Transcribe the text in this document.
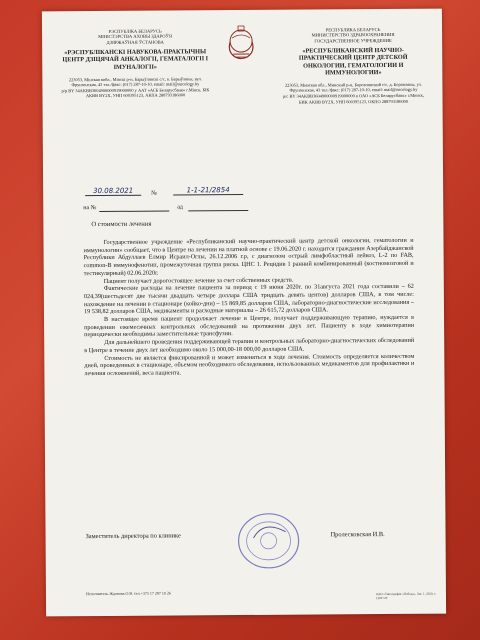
РЭСПУБЛІКА БЕЛАРУСЬ
МІНІСТЭРСТВА АХОВЫ ЗДАРОЎЯ
ДЗЯРЖАЎНАЯ ЎСТАНОВА
«РЭСПУБЛІКАНСКІ НАВУКОВА-ПРАКТЫЧНЫ ЦЕНТР ДЗІЦЯЧАЙ АНКАЛОГІІ, ГЕМАТАЛОГІІ І ІМУНАЛОГІІ»
223053, Мінская вобл., Мінскі р-н, Барыўлянскі с/с, в. Барыўляны, вул. Фрунзенская, 43 тэл./факс: (017) 287-10-10, email: mail@oncology.by
р/р BY 34AKBB3604900000919000000 у ААТ «АСБ Беларусбанк» г.Мінск, БІК AKBB BY2X, УНП 600395123, АКПА 288793186000
РЕСПУБЛИКА БЕЛАРУСЬ
МИНИСТЕРСТВО ЗДРАВООХРАНЕНИЯ
ГОСУДАРСТВЕННОЕ УЧРЕЖДЕНИЕ
«РЕСПУБЛИКАНСКИЙ НАУЧНО-ПРАКТИЧЕСКИЙ ЦЕНТР ДЕТСКОЙ ОНКОЛОГИИ, ГЕМАТОЛОГИИ И ИММУНОЛОГИИ»
223053, Минская обл., Минский р-н, Боровлянский с/с, д. Боровляны, ул. Фрунзенская, 43 тел./факс: (017) 287-10-10, email: mail@oncology.by
р/с BY 34AKBB3604900000919000000 в ОАО «АСБ Беларусбанк» г.Минск, БИК AKBB BY2X, УНП 600395123, ОКПО 288793186000
30.08.2021	№	1-1-21/2854
на №	ад
О стоимости лечения

Государственное учреждение «Республиканский научно-практический центр детской онкологии, гематологии и иммунологии» сообщает, что в Центре на лечении на платной основе с 19.06.2020 г. находится гражданин Азербайджанской Республики Абдуллаев Елмир Исраил-Оглы, 26.12.2006 г.р, с диагнозом острый лимфобластный лейкоз, L-2 по FAB, common-B иммунофенотип, промежуточная группа риска. ЦНС 1. Рецидив 1 ранний комбинированный (костномозговой и тестикулярный) 02.06.2020г.

Пациент получает дорогостоящее лечение за счет собственных средств.

Фактические расходы на лечение пациента за период с 19 июня 2020г. по 31августа 2021 года составили – 62 024,39(шестьдесят две тысячи двадцать четыре доллара США тридцать девять центов) долларов США, в том числе: нахождение на лечении в стационаре (койко-дни) – 15 869,85 долларов США, лабораторно-диагностические исследования – 19 538,82 долларов США, медикаменты и расходные материалы – 26 615,72 долларов США.

В настоящее время пациент продолжает лечение в Центре, получает поддерживающую терапию, нуждается в проведении ежемесячных контрольных обследований на протяжении двух лет. Пациенту в ходе химиотерапии периодически необходимы заместительные трансфузии.

Для дальнейшего проведения поддерживающей терапии и контрольных лабораторно-диагностических обследований в Центре в течение двух лет необходимо около 15 000,00-18 000,00 долларов США.

Стоимость не является фиксированной и может изменяться в ходе лечения. Стоимость определяется количеством дней, проведенных в стационаре, объемом необходимого обследования, использованных медикаментов для профилактики и лечения осложнений, веса пациента.

Заместитель директора по клинике	Пролесковская И.В.
Исполнитель Жданова О.В. тел.+375 17 287 10 26	ОАО «Типография «Победа», Зак. 1, 2020, т. 1500+20
